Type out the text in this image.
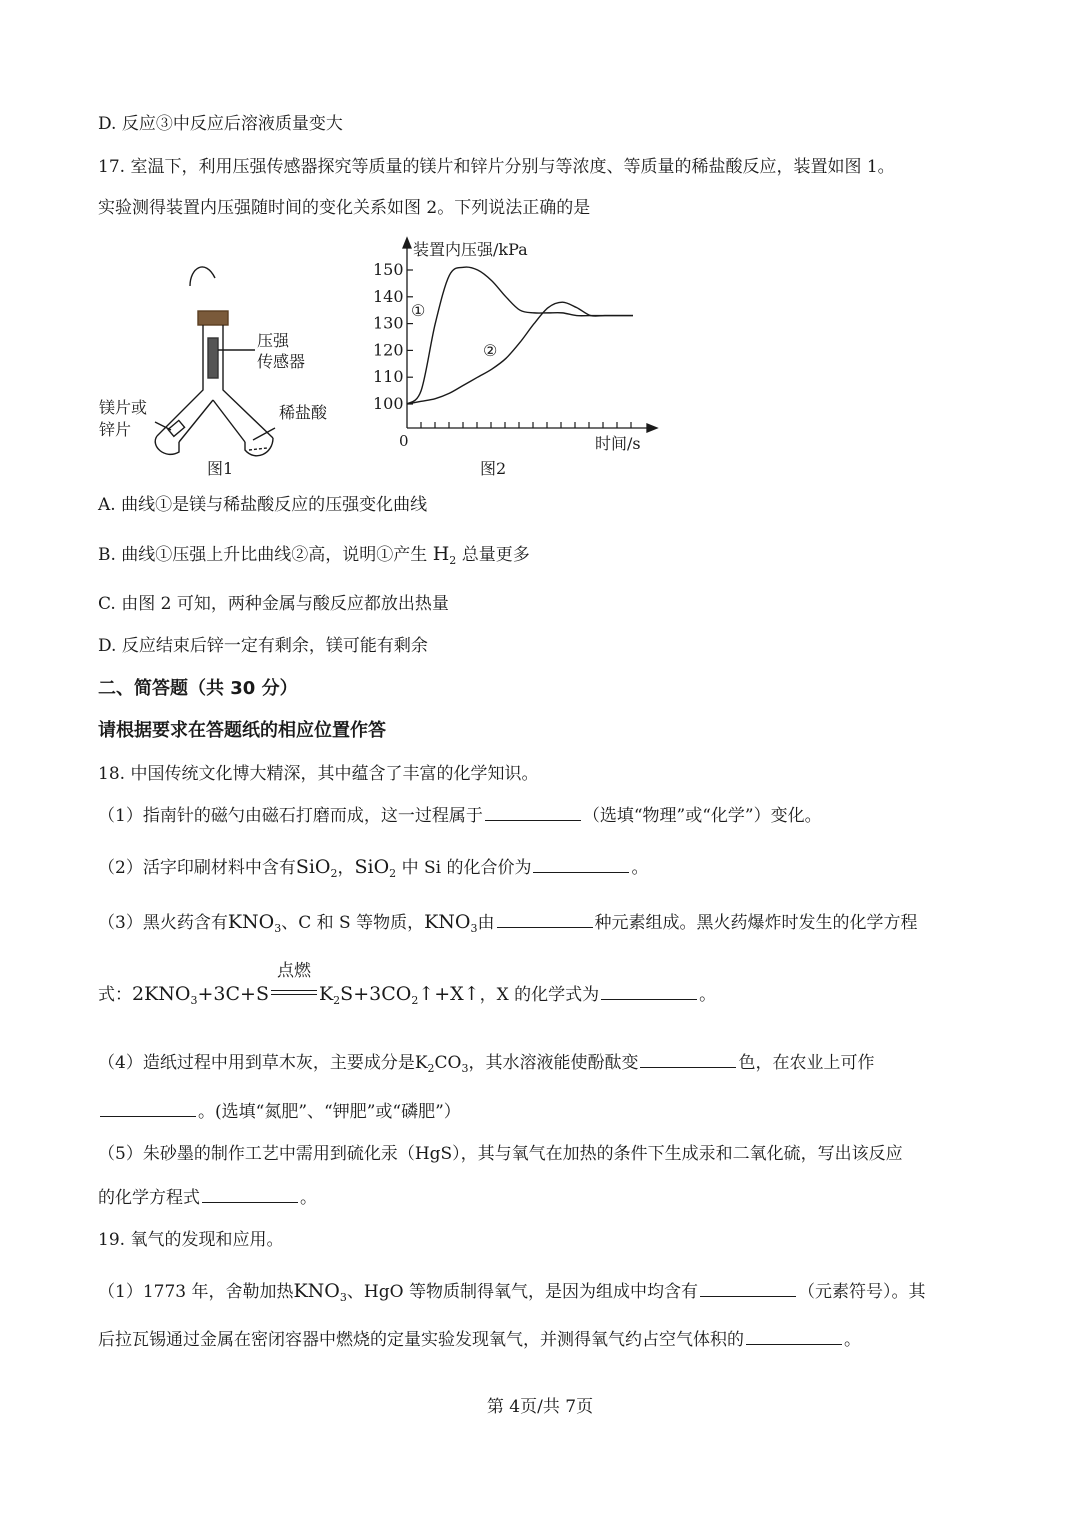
D. 反应③中反应后溶液质量变大
17. 室温下，利用压强传感器探究等质量的镁片和锌片分别与等浓度、等质量的稀盐酸反应，装置如图 1。
实验测得装置内压强随时间的变化关系如图 2。下列说法正确的是
压强
传感器
镁片或
锌片
稀盐酸
图1
150
140
130
120
110
100
装置内压强/kPa
时间/s
0
①
②
图2
A. 曲线①是镁与稀盐酸反应的压强变化曲线
B. 曲线①压强上升比曲线②高，说明①产生 $H_2$ 总量更多
C. 由图 2 可知，两种金属与酸反应都放出热量
D. 反应结束后锌一定有剩余，镁可能有剩余
二、简答题（共 30 分）
请根据要求在答题纸的相应位置作答
18. 中国传统文化博大精深，其中蕴含了丰富的化学知识。
（1）指南针的磁勺由磁石打磨而成，这一过程属于	（选填“物理”或“化学”）变化。
（2）活字印刷材料中含有SiO$_2$，SiO$_2$ 中 Si 的化合价为	。
（3）黑火药含有$KNO_3$、C 和 S 等物质，$KNO_3$由	种元素组成。黑火药爆炸时发生的化学方程
式：$2KNO_3+3C+S$
点燃
$K_2S+3CO_2↑+X↑$，X 的化学式为	。
（4）造纸过程中用到草木灰，主要成分是$K_2CO_3$，其水溶液能使酚酞变	色，在农业上可作
。(选填“氮肥”、“钾肥”或“磷肥”）
（5）朱砂墨的制作工艺中需用到硫化汞（HgS），其与氧气在加热的条件下生成汞和二氧化硫，写出该反应
的化学方程式	。
19. 氧气的发现和应用。
（1）1773 年，舍勒加热$KNO_3$、HgO 等物质制得氧气，是因为组成中均含有	（元素符号）。其
后拉瓦锡通过金属在密闭容器中燃烧的定量实验发现氧气，并测得氧气约占空气体积的	。
第 4页/共 7页
